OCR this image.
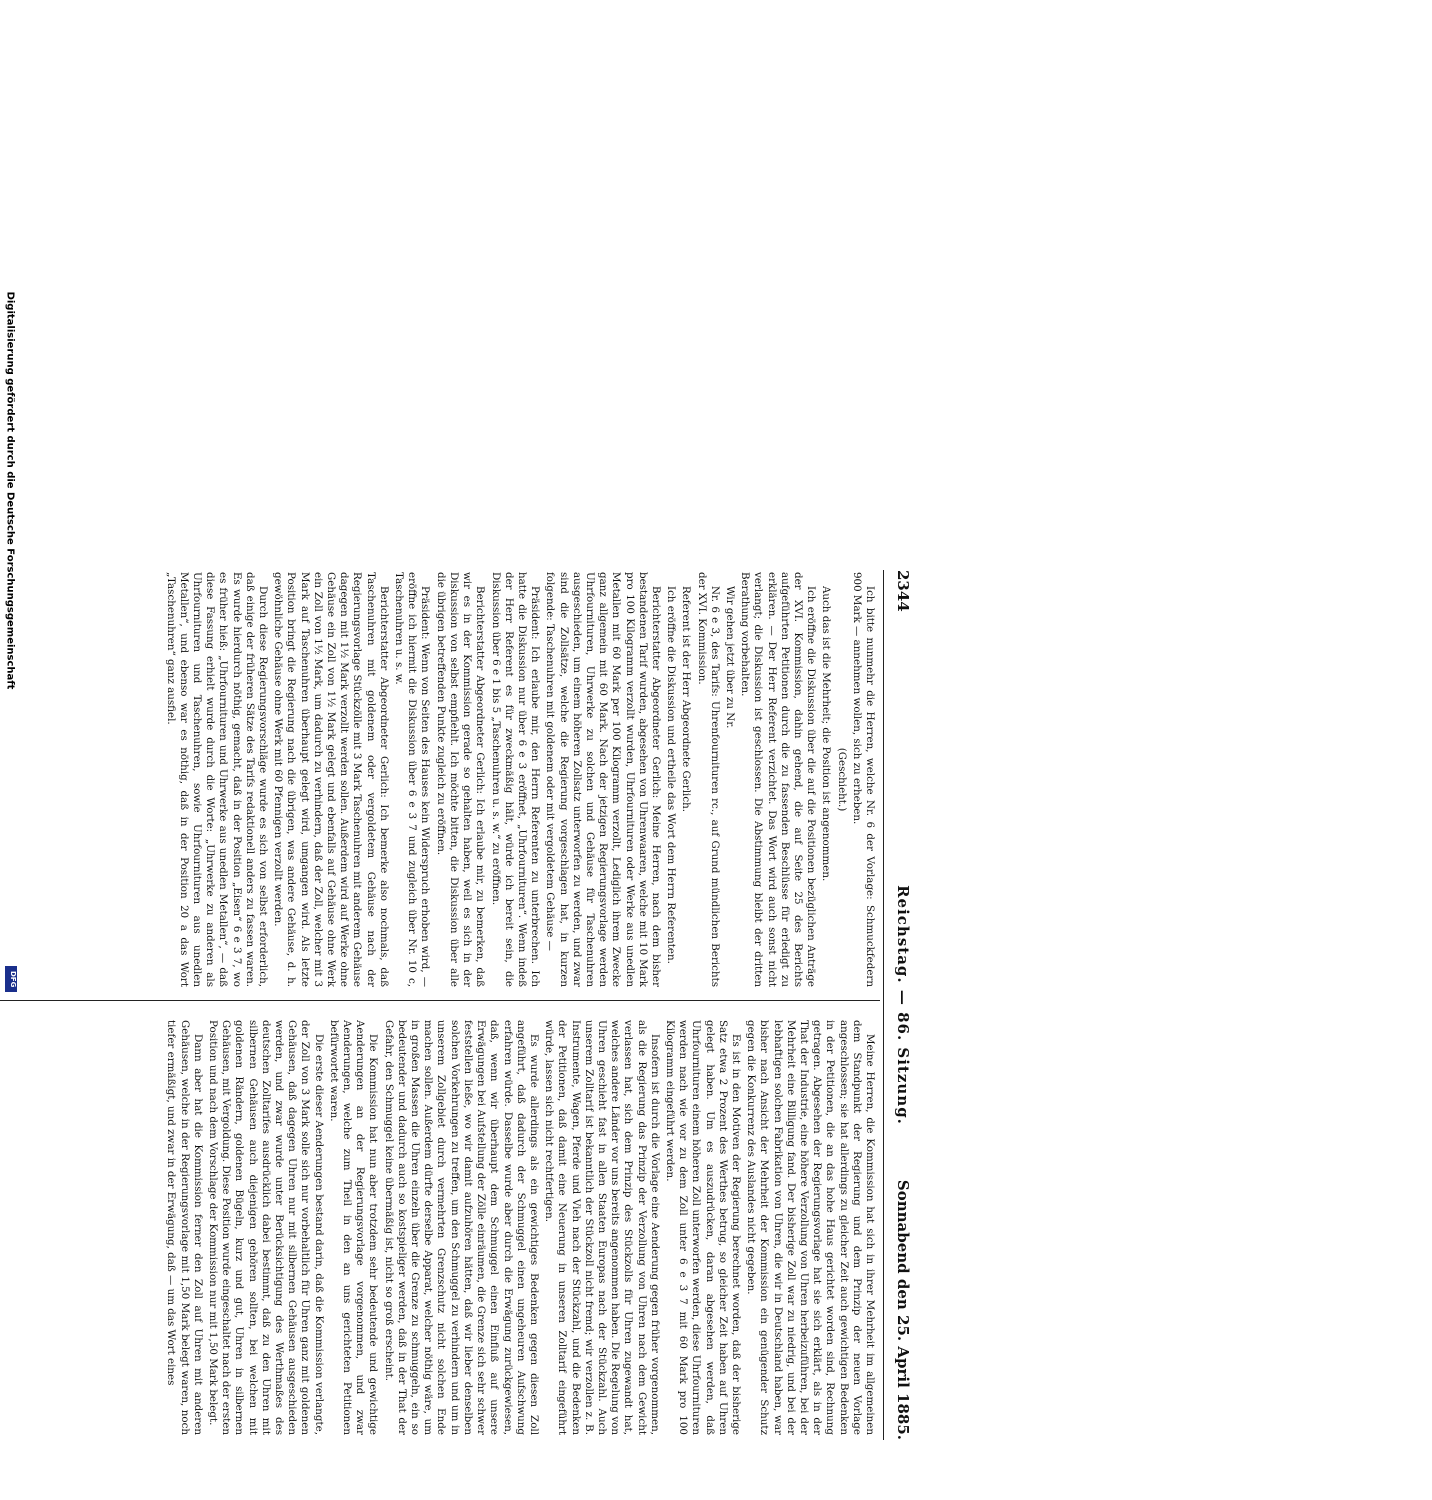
2344
Reichstag. — 86. Sitzung.
Sonnabend den 25. April 1885.

Ich bitte nunmehr die Herren, welche Nr. 6 der Vorlage: Schmuckfedern 900 Mark — annehmen wollen, sich zu erheben.

(Geschieht.)

Auch das ist die Mehrheit; die Position ist angenommen.

Ich eröffne die Diskussion über die auf die Positionen bezüglichen Anträge der XVI. Kommission, dahin gehend, die auf Seite 25 des Berichts aufgeführten Petitionen durch die zu fassenden Beschlüsse für erledigt zu erklären. — Der Herr Referent verzichtet. Das Wort wird auch sonst nicht verlangt; die Diskussion ist geschlossen. Die Abstimmung bleibt der dritten Berathung vorbehalten.

Wir gehen jetzt über zu Nr.

Nr. 6 e 3, des Tarifs: Uhrenfournituren rc., auf Grund mündlichen Berichts der XVI. Kommission.

Referent ist der Herr Abgeordnete Gerlich.

Ich eröffne die Diskussion und ertheile das Wort dem Herrn Referenten.

Berichterstatter Abgeordneter Gerlich: Meine Herren, nach dem bisher bestandenen Tarif wurden, abgesehen von Uhrenwaaren, welche mit 10 Mark pro 100 Kilogramm verzollt wurden, Uhrfournituren oder Werke aus unedlen Metallen mit 60 Mark per 100 Kilogramm verzollt, Lediglich ihrem Zwecke ganz allgemein mit 60 Mark. Nach der jetzigen Regierungsvorlage werden Uhrfournituren, Uhrwerke zu solchen und Gehäuse für Taschenuhren ausgeschieden, um einem höheren Zollsatz unterworfen zu werden, und zwar sind die Zollsätze, welche die Regierung vorgeschlagen hat, in kurzen folgende: Taschenuhren mit goldenem oder mit vergoldetem Gehäuse —

Präsident: Ich erlaube mir, den Herrn Referenten zu unterbrechen. Ich hatte die Diskussion nur über 6 e 3 eröffnet, „Uhrfournituren“. Wenn indeß der Herr Referent es für zweckmäßig hält, würde ich bereit sein, die Diskussion über 6 e 1 bis 5 „Taschenuhren u. s. w.“ zu eröffnen.

Berichterstatter Abgeordneter Gerlich: Ich erlaube mir, zu bemerken, daß wir es in der Kommission gerade so gehalten haben, weil es sich in der Diskussion von selbst empfiehlt. Ich möchte bitten, die Diskussion über alle die übrigen betreffenden Punkte zugleich zu eröffnen.

Präsident: Wenn von Seiten des Hauses kein Widerspruch erhoben wird, — eröffne ich hiermit die Diskussion über 6 e 3 7 und zugleich über Nr. 10 c, Taschenuhren u. s. w.

Berichterstatter Abgeordneter Gerlich: Ich bemerke also nochmals, daß Taschenuhren mit goldenem oder vergoldetem Gehäuse nach der Regierungsvorlage Stückzölle mit 3 Mark Taschenuhren mit anderem Gehäuse dagegen mit 1½ Mark verzollt werden sollen. Außerdem wird auf Werke ohne Gehäuse ein Zoll von 1½ Mark gelegt und ebenfalls auf Gehäuse ohne Werk ein Zoll von 1½ Mark, um dadurch zu verhindern, daß der Zoll, welcher mit 3 Mark auf Taschenuhren überhaupt gelegt wird, umgangen wird. Als letzte Position bringt die Regierung nach die übrigen, was andere Gehäuse, d. h. gewöhnliche Gehäuse ohne Werk mit 60 Pfennigen verzollt werden.

Durch diese Regierungsvorschläge wurde es sich von selbst erforderlich, daß einige der früheren Sätze des Tarifs redaktionell anders zu fassen waren. Es wurde hierdurch nöthig, gemacht, daß in der Position „Eisen“ 6 e 3 7, wo es früher hieß: „Uhrfournituren und Uhrwerke aus unedlen Metallen“, — daß diese Fassung erhielt wurde durch die Worte: „Uhrwerke zu anderen als Uhrfournituren und Taschenuhren, sowie Uhrfournituren aus unedlen Metallen“, und ebenso war es nöthig, daß in der Position 20 a das Wort „Taschenuhren“ ganz ausfiel.

Meine Herren, die Kommission hat sich in ihrer Mehrheit im allgemeinen dem Standpunkt der Regierung und dem Prinzip der neuen Vorlage angeschlossen; sie hat allerdings zu gleicher Zeit auch gewichtigen Bedenken in der Petitionen, die an das hohe Haus gerichtet worden sind, Rechnung getragen. Abgesehen der Regierungsvorlage hat sie sich erklärt, als in der That der Industrie, eine höhere Verzollung von Uhren herbeizuführen, bei der Mehrheit eine Billigung fand. Der bisherige Zoll war zu niedrig, und bei der lebhaftigen solchen Fabrikation von Uhren, die wir in Deutschland haben, war bisher nach Ansicht der Mehrheit der Kommission ein genügender Schutz gegen die Konkurrenz des Auslandes nicht gegeben.

Es ist in den Motiven der Regierung berechnet worden, daß der bisherige Satz etwa 2 Prozent des Werthes betrug, so gleicher Zeit haben auf Uhren gelegt haben. Um es auszudrücken, daran abgesehen werden, daß Uhrfournituren einem höheren Zoll unterworfen werden, diese Uhrfournituren werden nach wie vor zu dem Zoll unter 6 e 3 7 mit 60 Mark pro 100 Kilogramm eingeführt werden.

Insofern ist durch die Vorlage eine Aenderung gegen früher vorgenommen, als die Regierung das Prinzip der Verzollung von Uhren nach dem Gewicht verlassen hat, sich dem Prinzip des Stückzolls für Uhren zugewandt hat, welches andere Länder vor uns bereits angenommen haben. Die Regelung von Uhren geschieht fast in allen Staaten Europas nach der Stückzahl. Auch unserem Zolltarif ist bekanntlich der Stückzoll nicht fremd; wir verzollen z. B. Instrumente, Wagen, Pferde und Vieh nach der Stückzahl, und die Bedenken der Petitionen, daß damit eine Neuerung in unseren Zolltarif eingeführt würde, lassen sich nicht rechtfertigen.

Es wurde allerdings als ein gewichtiges Bedenken gegen diesen Zoll angeführt, daß dadurch der Schmuggel einen ungeheuren Aufschwung erfahren würde. Dasselbe wurde aber durch die Erwägung zurückgewiesen, daß, wenn wir überhaupt dem Schmuggel einen Einfluß auf unsere Erwägungen bei Aufstellung der Zölle einräumen, die Grenze sich sehr schwer feststellen ließe, wo wir damit aufzuhören hätten, daß wir lieber denselben solchen Vorkehrungen zu treffen, um den Schmuggel zu verhindern und um in unserem Zollgebiet durch vermehrten Grenzschutz nicht solchen Ende machen sollen. Außerdem dürfte derselbe Apparat, welcher nöthig wäre, um in großen Massen die Uhren einzeln über die Grenze zu schmuggeln, ein so bedeutender und dadurch auch so kostspieliger werden, daß in der That der Gefahr, den Schmuggel keine übermäßig ist, nicht so groß erscheint.

Die Kommission hat nun aber trotzdem sehr bedeutende und gewichtige Aenderungen an der Regierungsvorlage vorgenommen, und zwar Aenderungen, welche zum Theil in den an uns gerichteten Petitionen befürwortet waren.

Die erste dieser Aenderungen bestand darin, daß die Kommission verlangte, der Zoll von 3 Mark solle sich nur vorbehaltlich für Uhren ganz mit goldenen Gehäusen, daß dagegen Uhren nur mit silbernen Gehäusen ausgeschieden werden, und zwar wurde unter Berücksichtigung des Werthmaßes des deutschen Zolltarifes ausdrücklich dabei bestimmt, daß zu den Uhren mit silbernen Gehäusen auch diejenigen gehören sollten, bei welchen mit goldenen Rändern, goldenen Bügeln, kurz und gut, Uhren in silbernen Gehäusen, mit Vergoldung. Diese Position wurde eingeschaltet nach der ersten Position und nach dem Vorschlage der Kommission nur mit 1,50 Mark belegt.

Dann aber hat die Kommission ferner den Zoll auf Uhren mit anderen Gehäusen, welche in der Regierungsvorlage mit 1,50 Mark belegt waren, noch tiefer ermäßigt, und zwar in der Erwägung, daß — um das Wort eines

Digitalisierung gefördert durch die Deutsche Forschungsgemeinschaft
DFG
